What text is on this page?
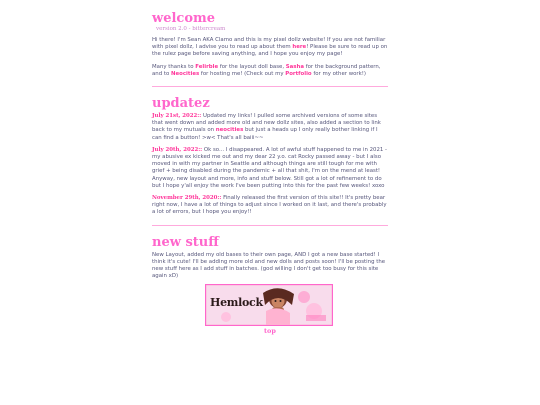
welcome
version 2.0 - bittercream

Hi there! I'm Sean AKA Clamo and this is my pixel dollz website! If you are not familiar with pixel dollz, I advise you to read up about them here! Please be sure to read up on the rulez page before saving anything, and I hope you enjoy my page!

Many thanks to Felirble for the layout doll base, Sasha for the background pattern, and to Neocities for hosting me! (Check out my Portfolio for my other work!)

updatez

July 21st, 2022:: Updated my links! I pulled some archived versions of some sites that went down and added more old and new dollz sites, also added a section to link back to my mutuals on neocities but just a heads up I only really bother linking if I can find a button! >w< That's all baiii~~

July 20th, 2022:: Ok so... I disappeared. A lot of awful stuff happened to me in 2021 - my abusive ex kicked me out and my dear 22 y.o. cat Rocky passed away - but I also moved in with my partner in Seattle and although things are still tough for me with grief + being disabled during the pandemic + all that shit, I'm on the mend at least! Anyway, new layout and more, info and stuff below. Still got a lot of refinement to do but I hope y'all enjoy the work I've been putting into this for the past few weeks! xoxo

November 29th, 2020:: Finally released the first version of this site!! It's pretty bear right now, I have a lot of things to adjust since I worked on it last, and there's probably a lot of errors, but I hope you enjoy!!

new stuff

New Layout, added my old bases to their own page, AND I got a new base started! I think it's cute! I'll be adding more old and new dolls and posts soon! I'll be posting the new stuff here as I add stuff in batches. (god willing I don't get too busy for this site again xD)

Hemlock
top
